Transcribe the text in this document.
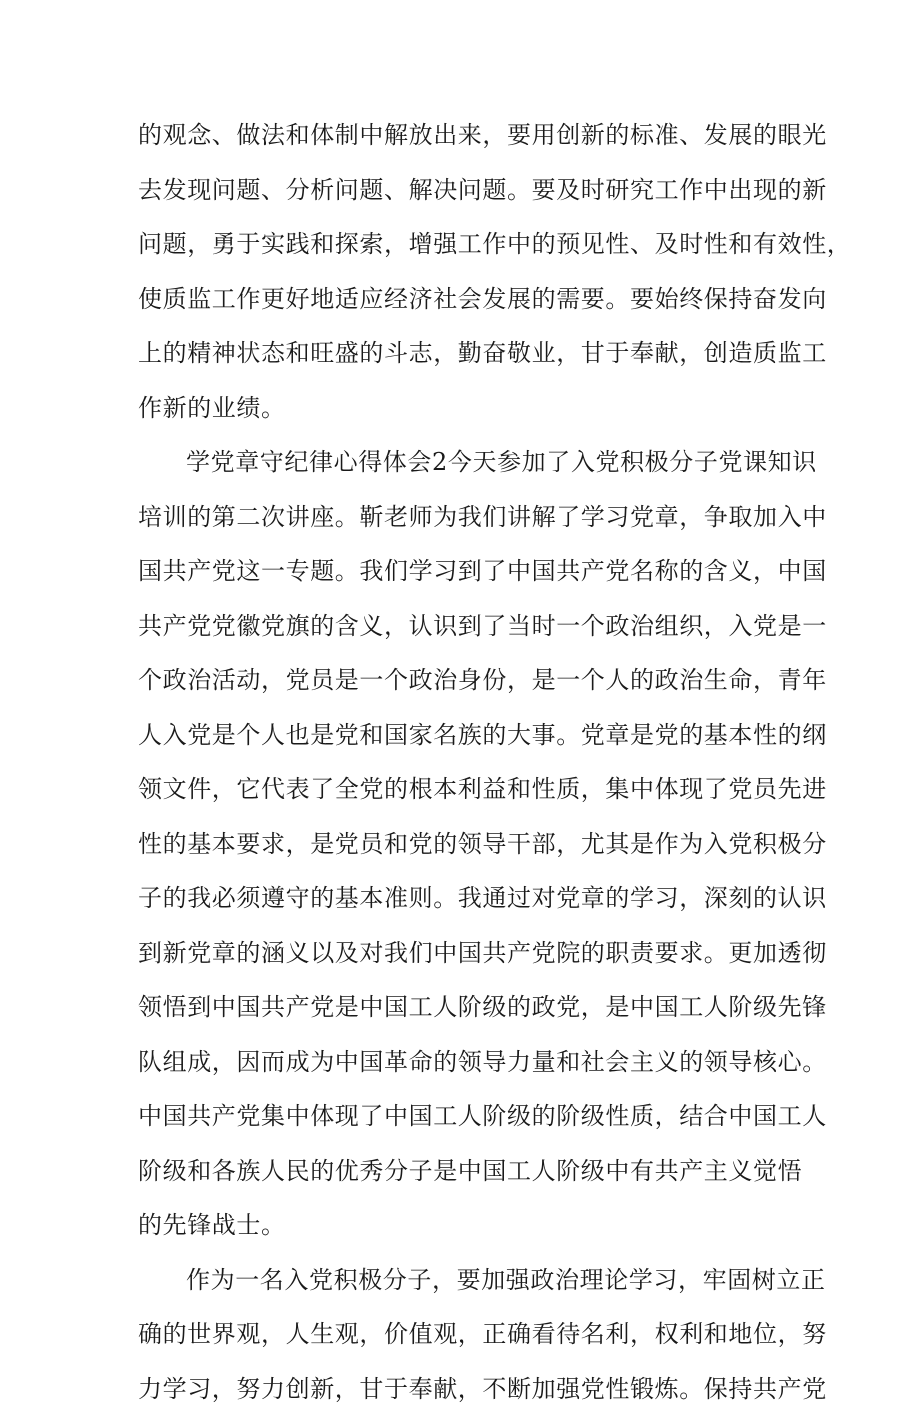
的观念、做法和体制中解放出来，要用创新的标准、发展的眼光
去发现问题、分析问题、解决问题。要及时研究工作中出现的新
问题，勇于实践和探索，增强工作中的预见性、及时性和有效性，
使质监工作更好地适应经济社会发展的需要。要始终保持奋发向
上的精神状态和旺盛的斗志，勤奋敬业，甘于奉献，创造质监工
作新的业绩。
学党章守纪律心得体会2今天参加了入党积极分子党课知识
培训的第二次讲座。靳老师为我们讲解了学习党章，争取加入中
国共产党这一专题。我们学习到了中国共产党名称的含义，中国
共产党党徽党旗的含义，认识到了当时一个政治组织，入党是一
个政治活动，党员是一个政治身份，是一个人的政治生命，青年
人入党是个人也是党和国家名族的大事。党章是党的基本性的纲
领文件，它代表了全党的根本利益和性质，集中体现了党员先进
性的基本要求，是党员和党的领导干部，尤其是作为入党积极分
子的我必须遵守的基本准则。我通过对党章的学习，深刻的认识
到新党章的涵义以及对我们中国共产党院的职责要求。更加透彻
领悟到中国共产党是中国工人阶级的政党，是中国工人阶级先锋
队组成，因而成为中国革命的领导力量和社会主义的领导核心。
中国共产党集中体现了中国工人阶级的阶级性质，结合中国工人
阶级和各族人民的优秀分子是中国工人阶级中有共产主义觉悟
的先锋战士。
作为一名入党积极分子，要加强政治理论学习，牢固树立正
确的世界观，人生观，价值观，正确看待名利，权利和地位，努
力学习，努力创新，甘于奉献，不断加强党性锻炼。保持共产党
